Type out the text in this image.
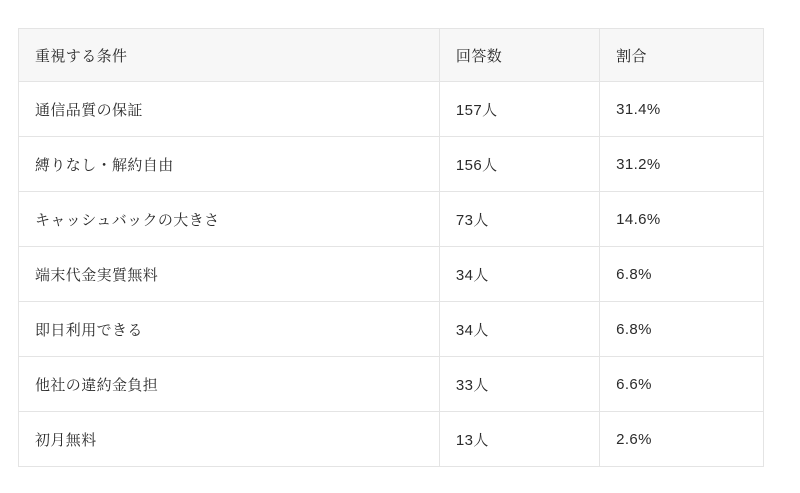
重視する条件	回答数	割合
通信品質の保証	157人	31.4%
縛りなし・解約自由	156人	31.2%
キャッシュバックの大きさ	73人	14.6%
端末代金実質無料	34人	6.8%
即日利用できる	34人	6.8%
他社の違約金負担	33人	6.6%
初月無料	13人	2.6%
